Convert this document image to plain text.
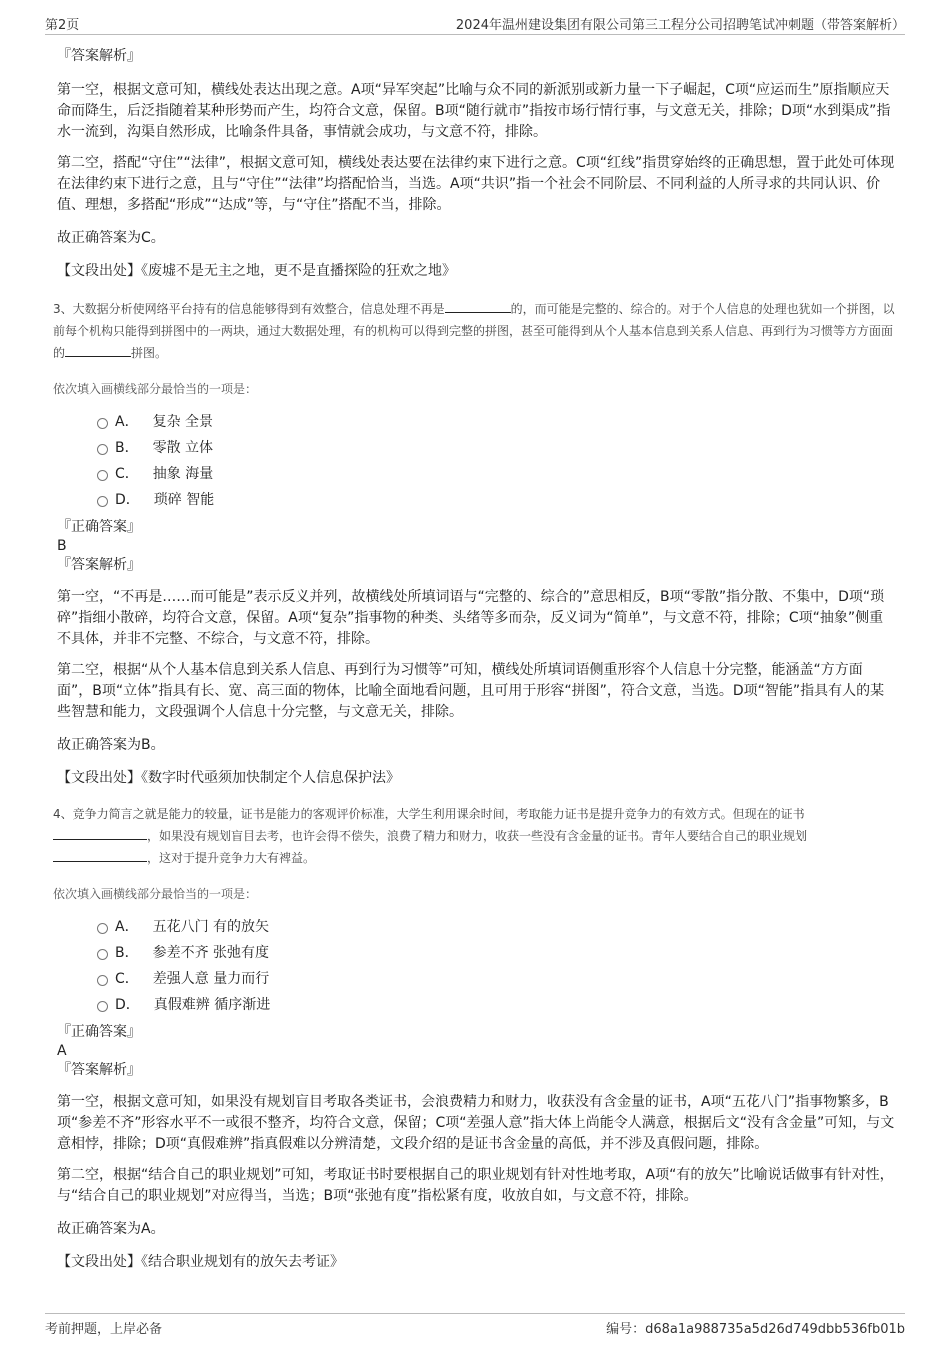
第2页	2024年温州建设集团有限公司第三工程分公司招聘笔试冲刺题（带答案解析）

『答案解析』

第一空，根据文意可知，横线处表达出现之意。A项“异军突起”比喻与众不同的新派别或新力量一下子崛起，C项“应运而生”原指顺应天命而降生，后泛指随着某种形势而产生，均符合文意，保留。B项“随行就市”指按市场行情行事，与文意无关，排除；D项“水到渠成”指水一流到，沟渠自然形成，比喻条件具备，事情就会成功，与文意不符，排除。

第二空，搭配“守住”“法律”，根据文意可知，横线处表达要在法律约束下进行之意。C项“红线”指贯穿始终的正确思想，置于此处可体现在法律约束下进行之意，且与“守住”“法律”均搭配恰当，当选。A项“共识”指一个社会不同阶层、不同利益的人所寻求的共同认识、价值、理想，多搭配“形成”“达成”等，与“守住”搭配不当，排除。

故正确答案为C。

【文段出处】《废墟不是无主之地，更不是直播探险的狂欢之地》

3、大数据分析使网络平台持有的信息能够得到有效整合，信息处理不再是	的，而可能是完整的、综合的。对于个人信息的处理也犹如一个拼图，以前每个机构只能得到拼图中的一两块，通过大数据处理，有的机构可以得到完整的拼图，甚至可能得到从个人基本信息到关系人信息、再到行为习惯等方方面面的	拼图。

依次填入画横线部分最恰当的一项是：

A． 复杂 全景
B． 零散 立体
C． 抽象 海量
D． 琐碎 智能

『正确答案』

B

『答案解析』

第一空，“不再是……而可能是”表示反义并列，故横线处所填词语与“完整的、综合的”意思相反，B项“零散”指分散、不集中，D项“琐碎”指细小散碎，均符合文意，保留。A项“复杂”指事物的种类、头绪等多而杂，反义词为“简单”，与文意不符，排除；C项“抽象”侧重不具体，并非不完整、不综合，与文意不符，排除。

第二空，根据“从个人基本信息到关系人信息、再到行为习惯等”可知，横线处所填词语侧重形容个人信息十分完整，能涵盖“方方面面”，B项“立体”指具有长、宽、高三面的物体，比喻全面地看问题，且可用于形容“拼图”，符合文意，当选。D项“智能”指具有人的某些智慧和能力，文段强调个人信息十分完整，与文意无关，排除。

故正确答案为B。

【文段出处】《数字时代亟须加快制定个人信息保护法》

4、竞争力简言之就是能力的较量，证书是能力的客观评价标准，大学生利用课余时间，考取能力证书是提升竞争力的有效方式。但现在的证书，如果没有规划盲目去考，也许会得不偿失，浪费了精力和财力，收获一些没有含金量的证书。青年人要结合自己的职业规划，这对于提升竞争力大有裨益。

依次填入画横线部分最恰当的一项是：

A． 五花八门 有的放矢
B． 参差不齐 张弛有度
C． 差强人意 量力而行
D． 真假难辨 循序渐进

『正确答案』

A

『答案解析』

第一空，根据文意可知，如果没有规划盲目考取各类证书，会浪费精力和财力，收获没有含金量的证书，A项“五花八门”指事物繁多，B项“参差不齐”形容水平不一或很不整齐，均符合文意，保留；C项“差强人意”指大体上尚能令人满意，根据后文“没有含金量”可知，与文意相悖，排除；D项“真假难辨”指真假难以分辨清楚，文段介绍的是证书含金量的高低，并不涉及真假问题，排除。

第二空，根据“结合自己的职业规划”可知，考取证书时要根据自己的职业规划有针对性地考取，A项“有的放矢”比喻说话做事有针对性，与“结合自己的职业规划”对应得当，当选；B项“张弛有度”指松紧有度，收放自如，与文意不符，排除。

故正确答案为A。

【文段出处】《结合职业规划有的放矢去考证》

考前押题，上岸必备	编号：d68a1a988735a5d26d749dbb536fb01b
